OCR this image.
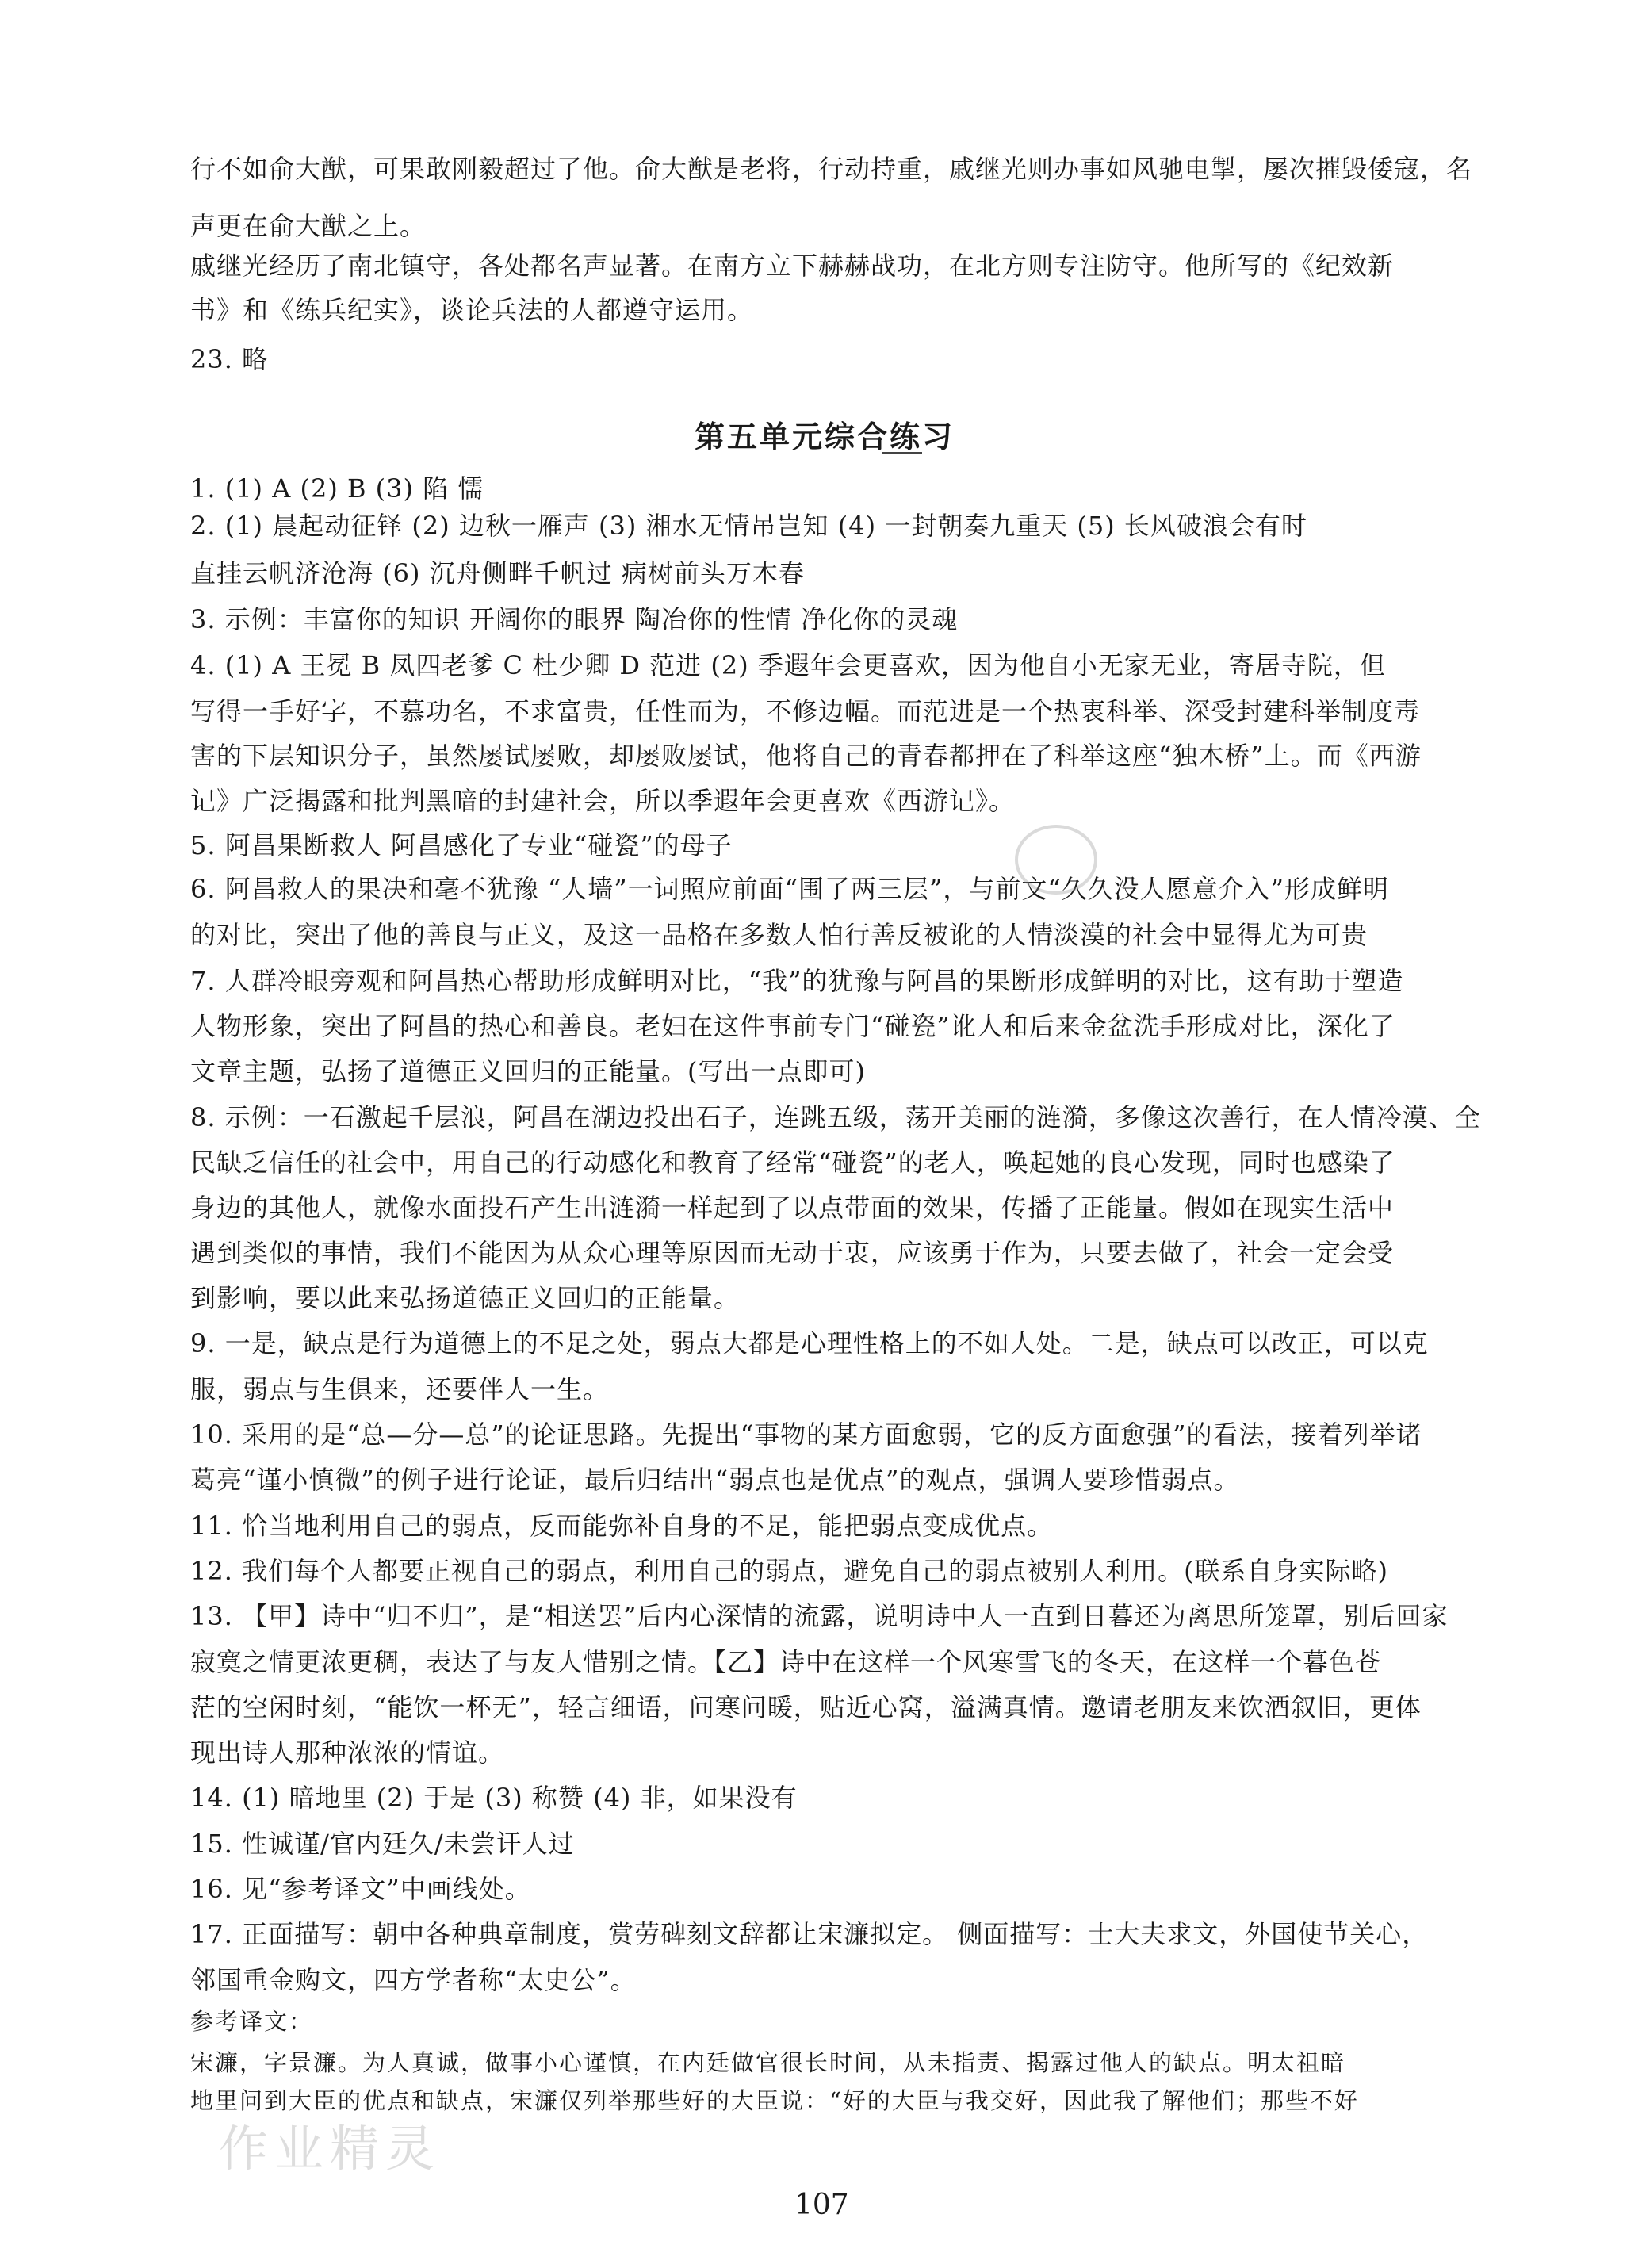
行不如俞大猷，可果敢刚毅超过了他。俞大猷是老将，行动持重，戚继光则办事如风驰电掣，屡次摧毁倭寇，名
声更在俞大猷之上。
戚继光经历了南北镇守，各处都名声显著。在南方立下赫赫战功，在北方则专注防守。他所写的《纪效新
书》和《练兵纪实》，谈论兵法的人都遵守运用。
23. 略
第五单元综合练习
1. (1) A (2) B (3) 陷 懦
2. (1) 晨起动征铎 (2) 边秋一雁声 (3) 湘水无情吊岂知 (4) 一封朝奏九重天 (5) 长风破浪会有时
直挂云帆济沧海 (6) 沉舟侧畔千帆过 病树前头万木春
3. 示例：丰富你的知识 开阔你的眼界 陶冶你的性情 净化你的灵魂
4. (1) A 王冕 B 凤四老爹 C 杜少卿 D 范进 (2) 季遐年会更喜欢，因为他自小无家无业，寄居寺院，但
写得一手好字，不慕功名，不求富贵，任性而为，不修边幅。而范进是一个热衷科举、深受封建科举制度毒
害的下层知识分子，虽然屡试屡败，却屡败屡试，他将自己的青春都押在了科举这座“独木桥”上。而《西游
记》广泛揭露和批判黑暗的封建社会，所以季遐年会更喜欢《西游记》。
5. 阿昌果断救人 阿昌感化了专业“碰瓷”的母子
6. 阿昌救人的果决和毫不犹豫 “人墙”一词照应前面“围了两三层”，与前文“久久没人愿意介入”形成鲜明
的对比，突出了他的善良与正义，及这一品格在多数人怕行善反被讹的人情淡漠的社会中显得尤为可贵
7. 人群冷眼旁观和阿昌热心帮助形成鲜明对比，“我”的犹豫与阿昌的果断形成鲜明的对比，这有助于塑造
人物形象，突出了阿昌的热心和善良。老妇在这件事前专门“碰瓷”讹人和后来金盆洗手形成对比，深化了
文章主题，弘扬了道德正义回归的正能量。(写出一点即可)
8. 示例：一石激起千层浪，阿昌在湖边投出石子，连跳五级，荡开美丽的涟漪，多像这次善行，在人情冷漠、全
民缺乏信任的社会中，用自己的行动感化和教育了经常“碰瓷”的老人，唤起她的良心发现，同时也感染了
身边的其他人，就像水面投石产生出涟漪一样起到了以点带面的效果，传播了正能量。假如在现实生活中
遇到类似的事情，我们不能因为从众心理等原因而无动于衷，应该勇于作为，只要去做了，社会一定会受
到影响，要以此来弘扬道德正义回归的正能量。
9. 一是，缺点是行为道德上的不足之处，弱点大都是心理性格上的不如人处。二是，缺点可以改正，可以克
服，弱点与生俱来，还要伴人一生。
10. 采用的是“总—分—总”的论证思路。先提出“事物的某方面愈弱，它的反方面愈强”的看法，接着列举诸
葛亮“谨小慎微”的例子进行论证，最后归结出“弱点也是优点”的观点，强调人要珍惜弱点。
11. 恰当地利用自己的弱点，反而能弥补自身的不足，能把弱点变成优点。
12. 我们每个人都要正视自己的弱点，利用自己的弱点，避免自己的弱点被别人利用。(联系自身实际略)
13. 【甲】诗中“归不归”，是“相送罢”后内心深情的流露，说明诗中人一直到日暮还为离思所笼罩，别后回家
寂寞之情更浓更稠，表达了与友人惜别之情。【乙】诗中在这样一个风寒雪飞的冬天，在这样一个暮色苍
茫的空闲时刻，“能饮一杯无”，轻言细语，问寒问暖，贴近心窝，溢满真情。邀请老朋友来饮酒叙旧，更体
现出诗人那种浓浓的情谊。
14. (1) 暗地里 (2) 于是 (3) 称赞 (4) 非，如果没有
15. 性诚谨/官内廷久/未尝讦人过
16. 见“参考译文”中画线处。
17. 正面描写：朝中各种典章制度，赏劳碑刻文辞都让宋濂拟定。 侧面描写：士大夫求文，外国使节关心，
邻国重金购文，四方学者称“太史公”。
参考译文：
宋濂，字景濂。为人真诚，做事小心谨慎，在内廷做官很长时间，从未指责、揭露过他人的缺点。明太祖暗
地里问到大臣的优点和缺点，宋濂仅列举那些好的大臣说：“好的大臣与我交好，因此我了解他们；那些不好
作业精灵
107
